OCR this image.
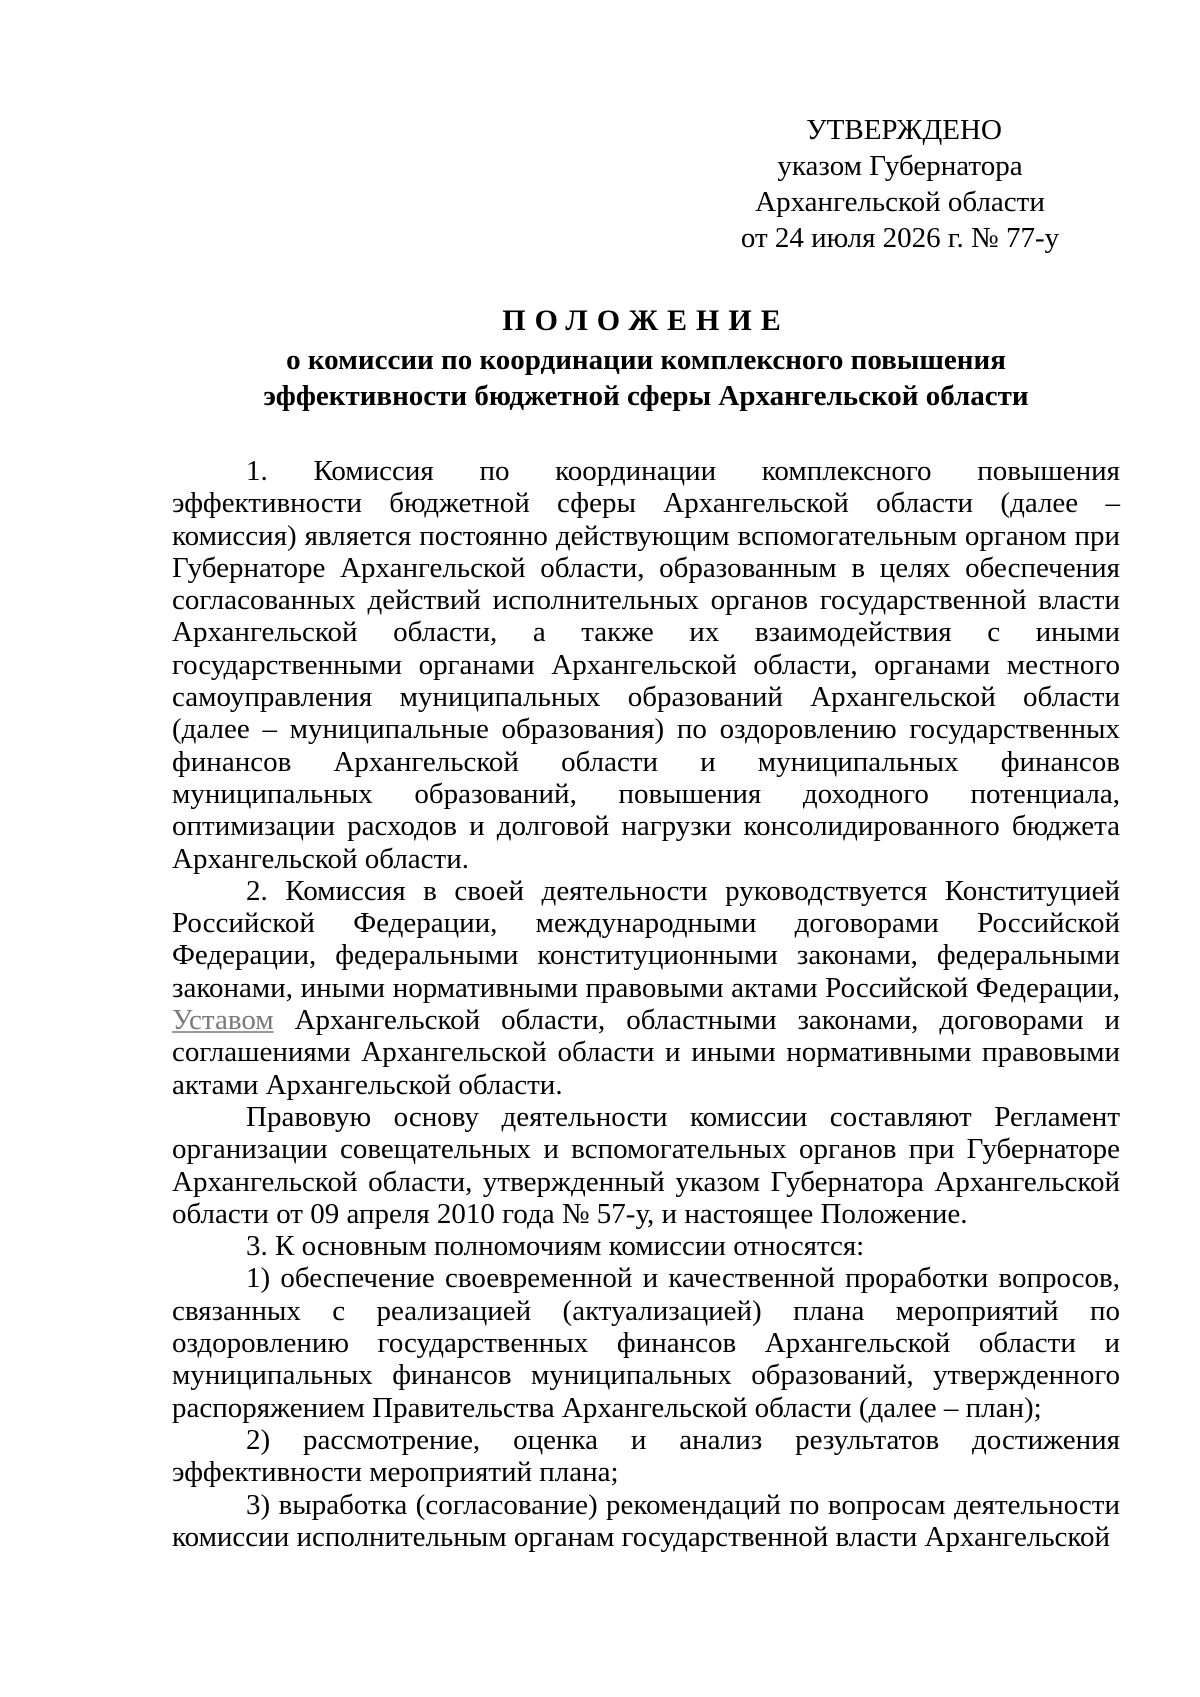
УТВЕРЖДЕНО
указом Губернатора
Архангельской области
от 24 июля 2026 г. № 77-у
ПОЛОЖЕНИЕ
о комиссии по координации комплексного повышения
эффективности бюджетной сферы Архангельской области

1. Комиссия по координации комплексного повышения эффективности бюджетной сферы Архангельской области (далее – комиссия) является постоянно действующим вспомогательным органом при Губернаторе Архангельской области, образованным в целях обеспечения согласованных действий исполнительных органов государственной власти Архангельской области, а также их взаимодействия с иными государственными органами Архангельской области, органами местного самоуправления муниципальных образований Архангельской области (далее – муниципальные образования) по оздоровлению государственных финансов Архангельской области и муниципальных финансов муниципальных образований, повышения доходного потенциала, оптимизации расходов и долговой нагрузки консолидированного бюджета Архангельской области.

2. Комиссия в своей деятельности руководствуется Конституцией Российской Федерации, международными договорами Российской Федерации, федеральными конституционными законами, федеральными законами, иными нормативными правовыми актами Российской Федерации, Уставом Архангельской области, областными законами, договорами и соглашениями Архангельской области и иными нормативными правовыми актами Архангельской области.

Правовую основу деятельности комиссии составляют Регламент организации совещательных и вспомогательных органов при Губернаторе Архангельской области, утвержденный указом Губернатора Архангельской области от 09 апреля 2010 года № 57-у, и настоящее Положение.

3. К основным полномочиям комиссии относятся:

1) обеспечение своевременной и качественной проработки вопросов, связанных с реализацией (актуализацией) плана мероприятий по оздоровлению государственных финансов Архангельской области и муниципальных финансов муниципальных образований, утвержденного распоряжением Правительства Архангельской области (далее – план);

2) рассмотрение, оценка и анализ результатов достижения эффективности мероприятий плана;

3) выработка (согласование) рекомендаций по вопросам деятельности комиссии исполнительным органам государственной власти Архангельской
